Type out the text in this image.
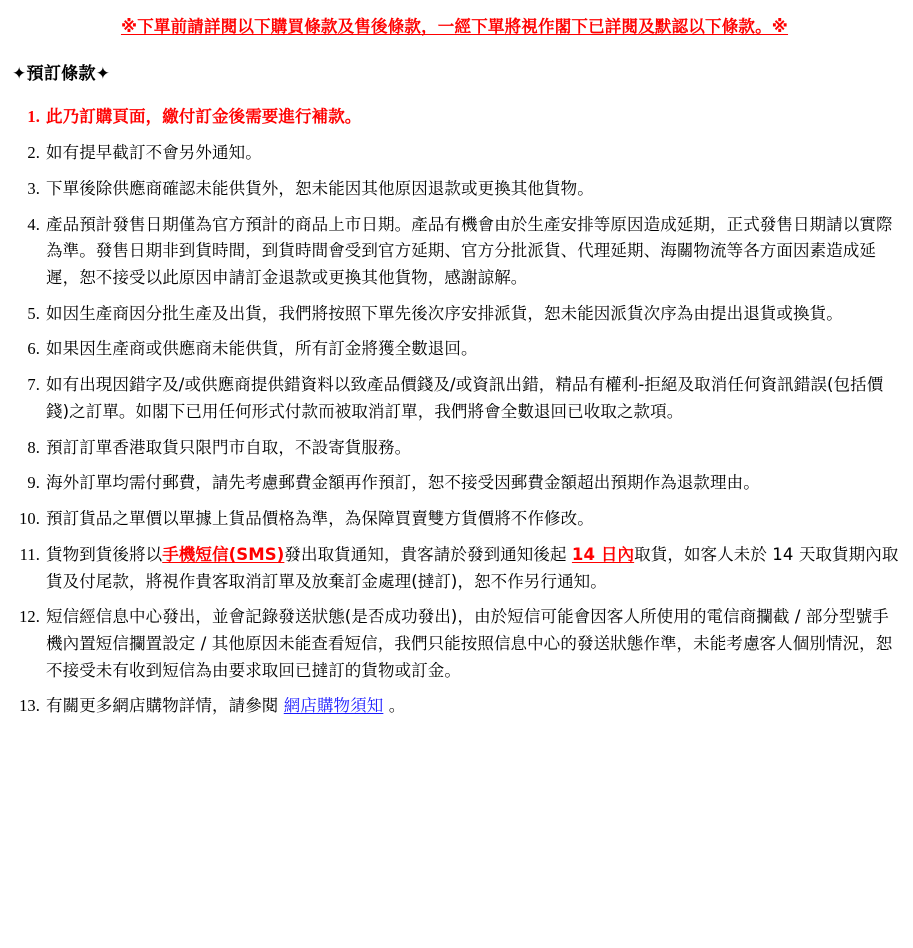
※下單前請詳閱以下購買條款及售後條款，一經下單將視作閣下已詳閱及默認以下條款。※
✦預訂條款✦
1. 此乃訂購頁面，繳付訂金後需要進行補款。
2. 如有提早截訂不會另外通知。
3. 下單後除供應商確認未能供貨外，恕未能因其他原因退款或更換其他貨物。
4. 產品預計發售日期僅為官方預計的商品上市日期。產品有機會由於生產安排等原因造成延期，正式發售日期請以實際為準。發售日期非到貨時間，到貨時間會受到官方延期、官方分批派貨、代理延期、海關物流等各方面因素造成延遲，恕不接受以此原因申請訂金退款或更換其他貨物，感謝諒解。
5. 如因生產商因分批生產及出貨，我們將按照下單先後次序安排派貨，恕未能因派貨次序為由提出退貨或換貨。
6. 如果因生產商或供應商未能供貨，所有訂金將獲全數退回。
7. 如有出現因錯字及/或供應商提供錯資料以致產品價錢及/或資訊出錯，精品有權利-拒絕及取消任何資訊錯誤(包括價錢)之訂單。如閣下已用任何形式付款而被取消訂單，我們將會全數退回已收取之款項。
8. 預訂訂單香港取貨只限門市自取，不設寄貨服務。
9. 海外訂單均需付郵費，請先考慮郵費金額再作預訂，恕不接受因郵費金額超出預期作為退款理由。
10. 預訂貨品之單價以單據上貨品價格為準，為保障買賣雙方貨價將不作修改。
11. 貨物到貨後將以手機短信(SMS)發出取貨通知，貴客請於發到通知後起 14 日內取貨，如客人未於 14 天取貨期內取貨及付尾款，將視作貴客取消訂單及放棄訂金處理(撻訂)，恕不作另行通知。
12. 短信經信息中心發出，並會記錄發送狀態(是否成功發出)，由於短信可能會因客人所使用的電信商攔截 / 部分型號手機內置短信攔置設定 / 其他原因未能查看短信，我們只能按照信息中心的發送狀態作準，未能考慮客人個別情況，恕不接受未有收到短信為由要求取回已撻訂的貨物或訂金。
13. 有關更多網店購物詳情，請參閱 網店購物須知 。
